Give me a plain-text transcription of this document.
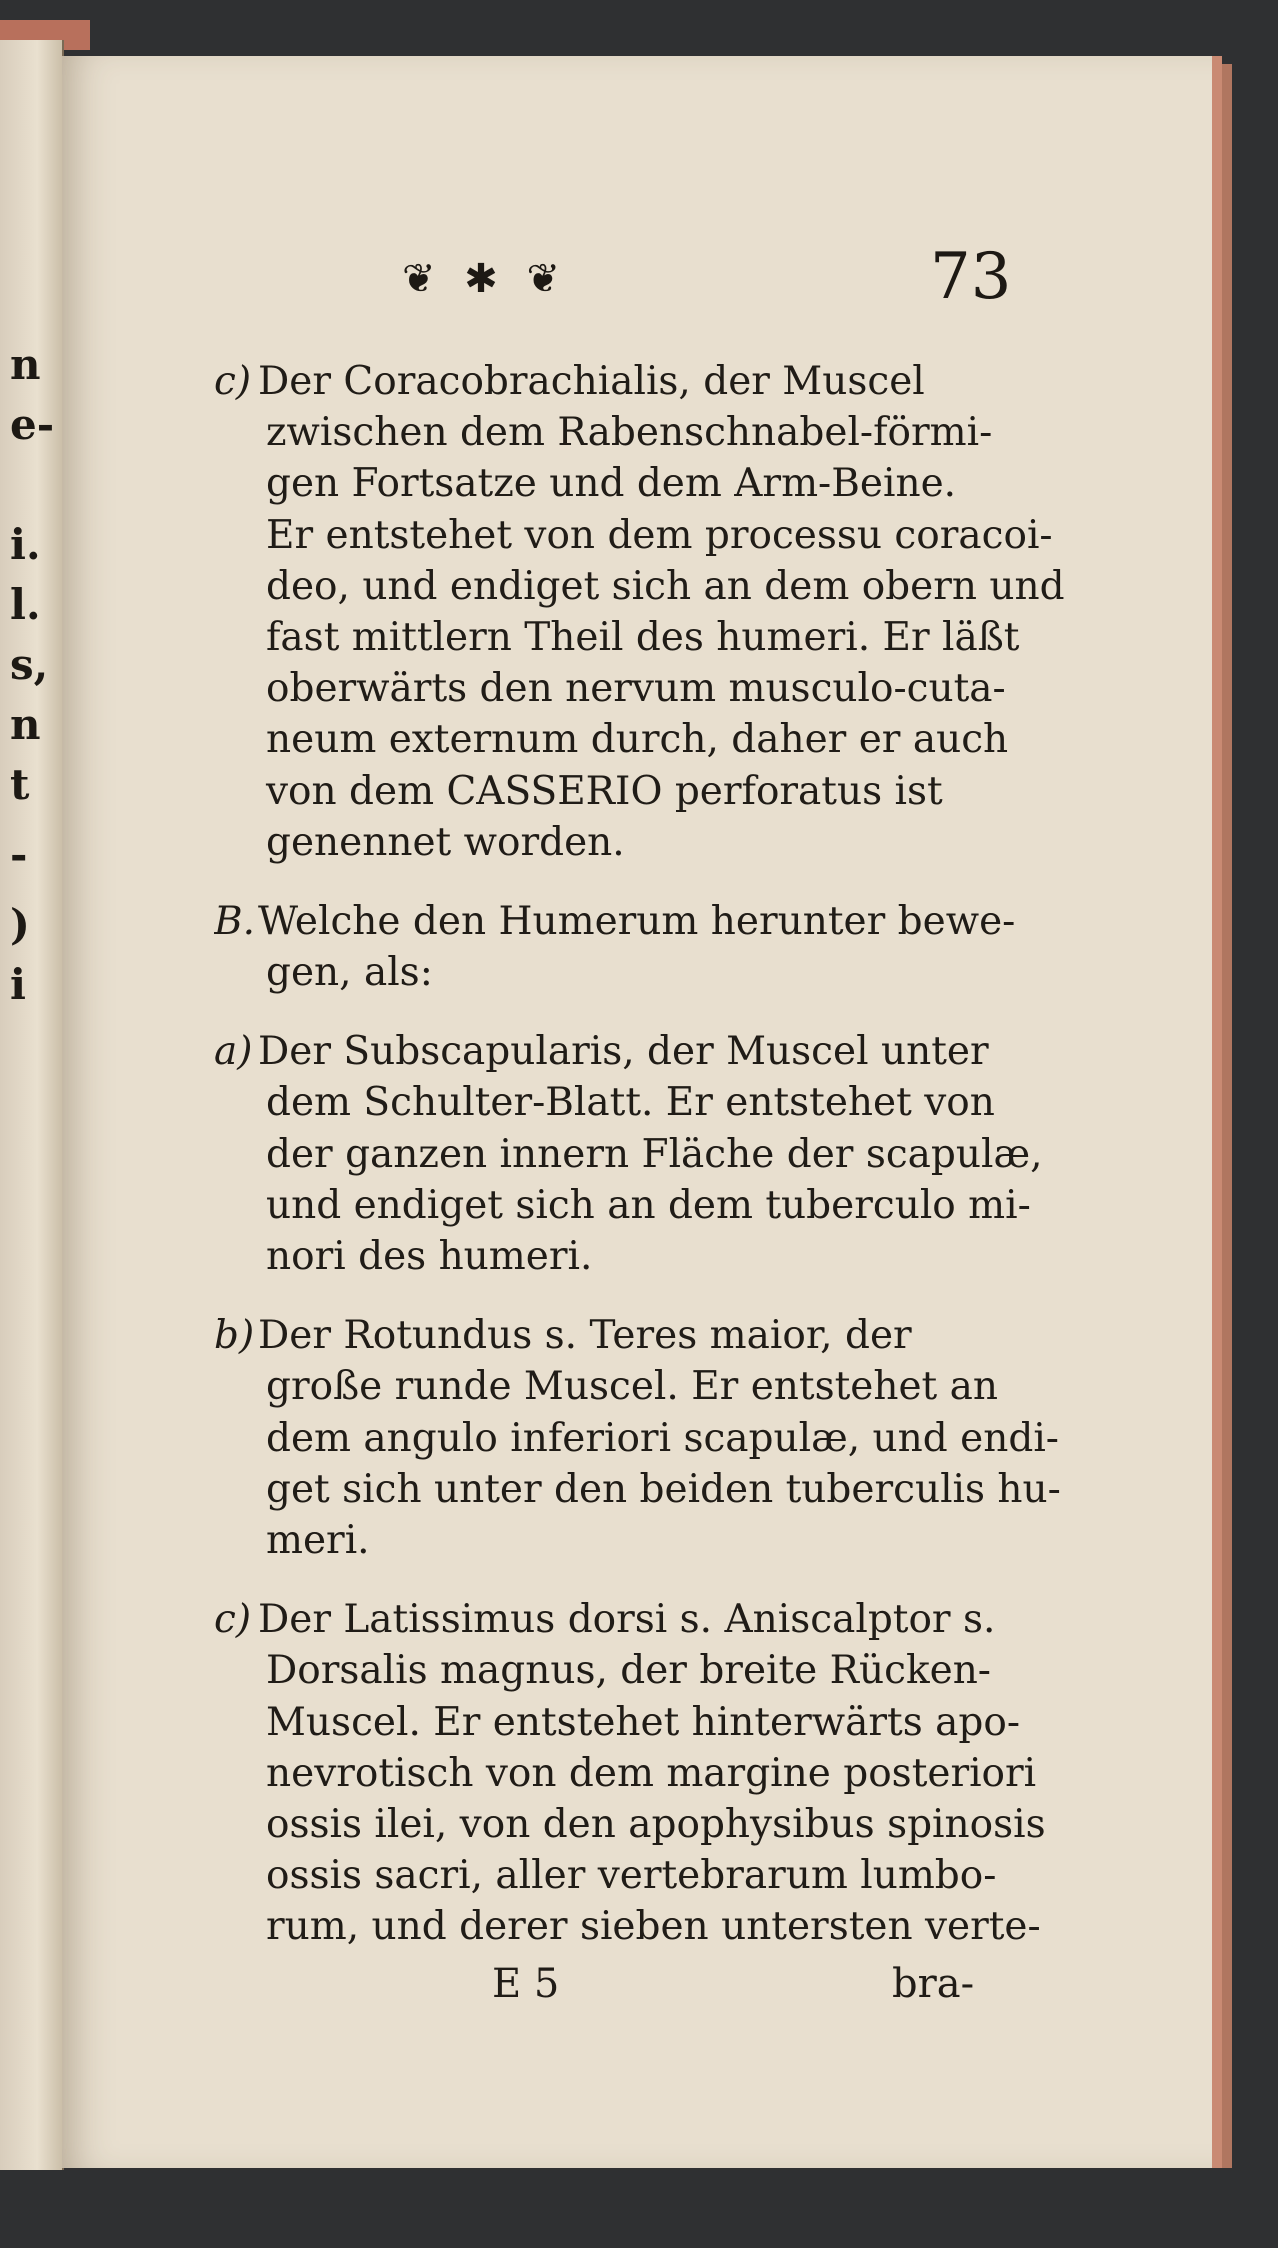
n
e-
i.
l.
s,
n
t
-
)
i
❦ ✱ ❦	73
c) Der Coracobrachialis, der Muscel
zwischen dem Rabenschnabel-förmi-
gen Fortsatze und dem Arm-Beine.
Er entstehet von dem processu coracoi-
deo, und endiget sich an dem obern und
fast mittlern Theil des humeri. Er läßt
oberwärts den nervum musculo-cuta-
neum externum durch, daher er auch
von dem CASSERIO perforatus ist
genennet worden.
B.Welche den Humerum herunter bewe-
gen, als:
a) Der Subscapularis, der Muscel unter
dem Schulter-Blatt. Er entstehet von
der ganzen innern Fläche der scapulæ,
und endiget sich an dem tuberculo mi-
nori des humeri.
b)Der Rotundus s. Teres maior, der
große runde Muscel. Er entstehet an
dem angulo inferiori scapulæ, und endi-
get sich unter den beiden tuberculis hu-
meri.
c) Der Latissimus dorsi s. Aniscalptor s.
Dorsalis magnus, der breite Rücken-
Muscel. Er entstehet hinterwärts apo-
nevrotisch von dem margine posteriori
ossis ilei, von den apophysibus spinosis
ossis sacri, aller vertebrarum lumbo-
rum, und derer sieben untersten verte-
E 5	bra-
